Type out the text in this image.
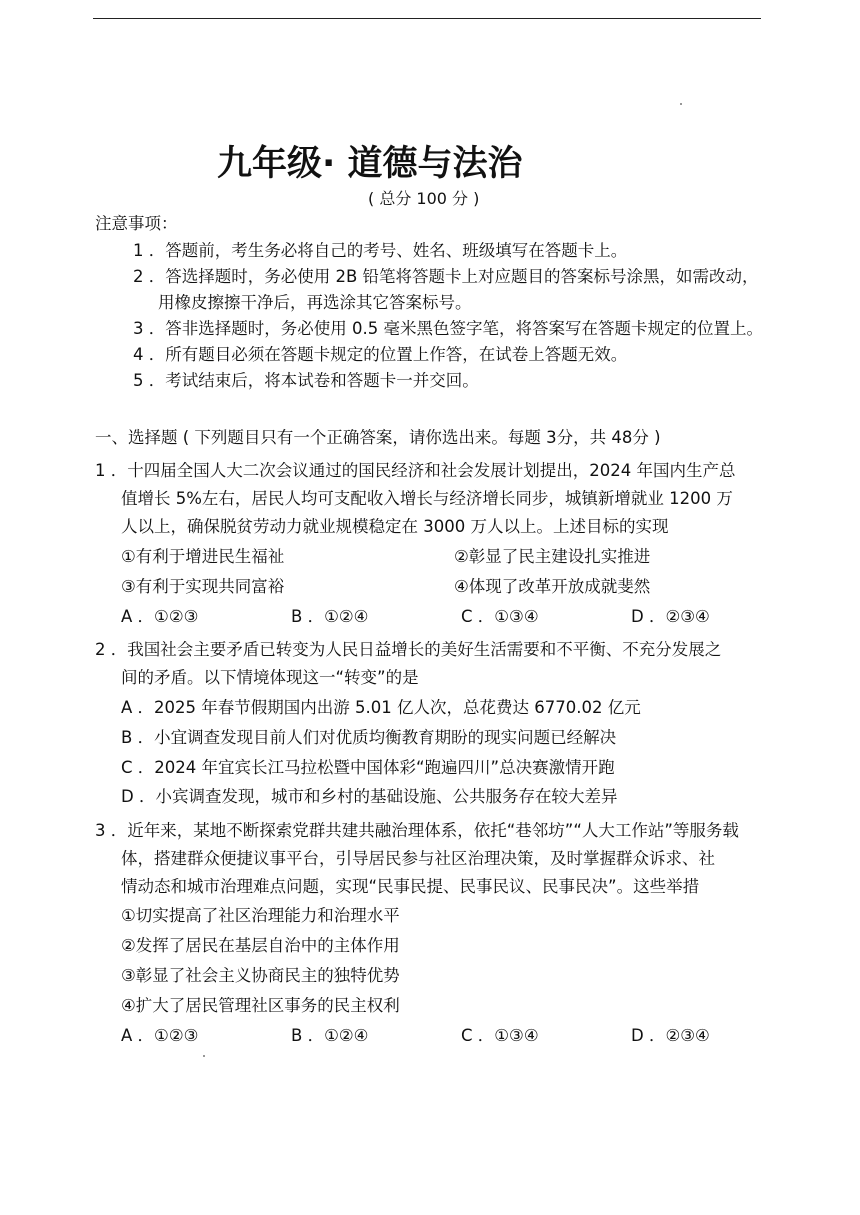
九年级· 道德与法治
( 总分 100 分 )
注意事项：
1 ．答题前，考生务必将自己的考号、姓名、班级填写在答题卡上。
2 ．答选择题时，务必使用 2B 铅笔将答题卡上对应题目的答案标号涂黑，如需改动，
用橡皮擦擦干净后，再选涂其它答案标号。
3 ．答非选择题时，务必使用 0.5 毫米黑色签字笔，将答案写在答题卡规定的位置上。
4 ．所有题目必须在答题卡规定的位置上作答，在试卷上答题无效。
5 ．考试结束后，将本试卷和答题卡一并交回。
一、选择题 ( 下列题目只有一个正确答案，请你选出来。每题 3分，共 48分 )
1 ．十四届全国人大二次会议通过的国民经济和社会发展计划提出，2024 年国内生产总
值增长 5%左右，居民人均可支配收入增长与经济增长同步，城镇新增就业 1200 万
人以上，确保脱贫劳动力就业规模稳定在 3000 万人以上。上述目标的实现
①有利于增进民生福祉	②彰显了民主建设扎实推进
③有利于实现共同富裕	④体现了改革开放成就斐然
A ．①②③	B ．①②④	C ．①③④	D ．②③④
2 ．我国社会主要矛盾已转变为人民日益增长的美好生活需要和不平衡、不充分发展之
间的矛盾。以下情境体现这一“转变”的是
A ．2025 年春节假期国内出游 5.01 亿人次，总花费达 6770.02 亿元
B ．小宜调查发现目前人们对优质均衡教育期盼的现实问题已经解决
C ．2024 年宜宾长江马拉松暨中国体彩“跑遍四川”总决赛激情开跑
D ．小宾调查发现，城市和乡村的基础设施、公共服务存在较大差异
3 ．近年来，某地不断探索党群共建共融治理体系，依托“巷邻坊”“人大工作站”等服务载
体，搭建群众便捷议事平台，引导居民参与社区治理决策，及时掌握群众诉求、社
情动态和城市治理难点问题，实现“民事民提、民事民议、民事民决”。这些举措
①切实提高了社区治理能力和治理水平
②发挥了居民在基层自治中的主体作用
③彰显了社会主义协商民主的独特优势
④扩大了居民管理社区事务的民主权利
A ．①②③	B ．①②④	C ．①③④	D ．②③④
